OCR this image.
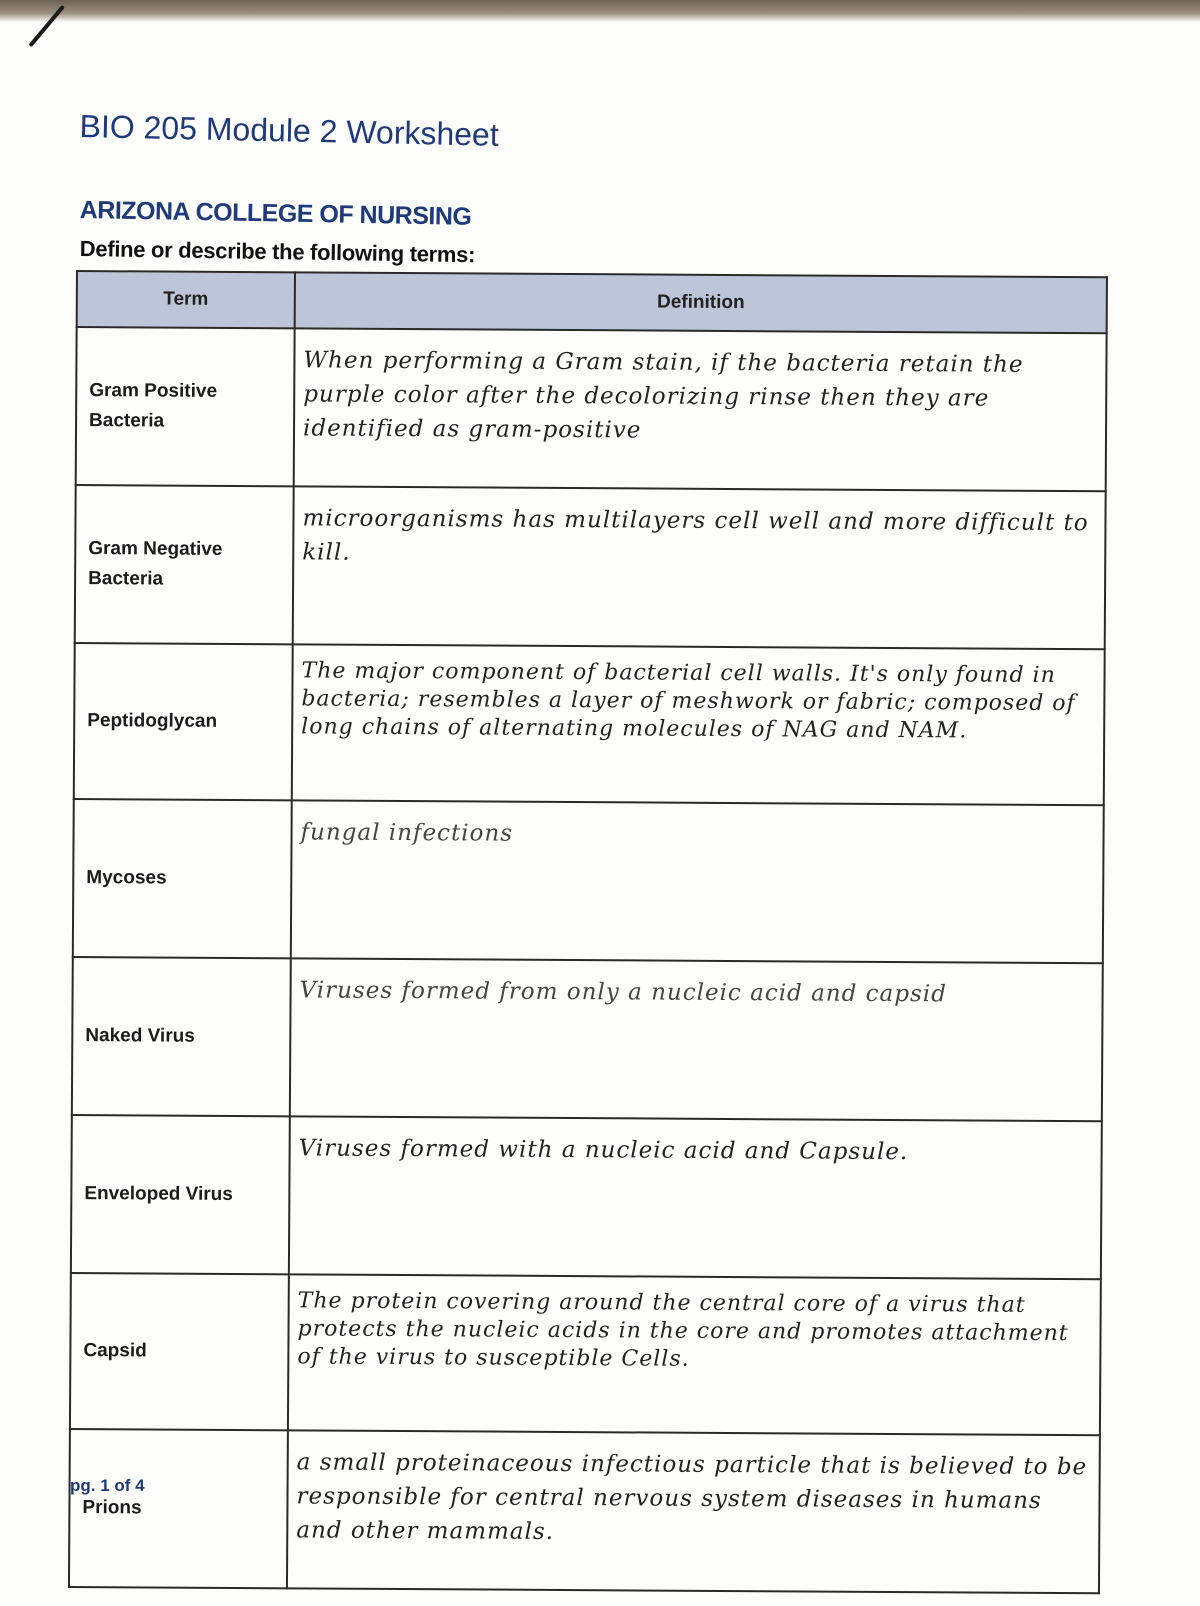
BIO 205 Module 2 Worksheet
ARIZONA COLLEGE OF NURSING
Define or describe the following terms:
Term	Definition
Gram Positive Bacteria	When performing a Gram stain, if the bacteria retain the purple color after the decolorizing rinse then they are identified as gram-positive
Gram Negative Bacteria	microorganisms has multilayers cell well and more difficult to kill.
Peptidoglycan	The major component of bacterial cell walls. It's only found in bacteria; resembles a layer of meshwork or fabric; composed of long chains of alternating molecules of NAG and NAM.
Mycoses	fungal infections
Naked Virus	Viruses formed from only a nucleic acid and capsid
Enveloped Virus	Viruses formed with a nucleic acid and Capsule.
Capsid	The protein covering around the central core of a virus that protects the nucleic acids in the core and promotes attachment of the virus to susceptible Cells.
Prions	a small proteinaceous infectious particle that is believed to be responsible for central nervous system diseases in humans and other mammals.
pg. 1 of 4
